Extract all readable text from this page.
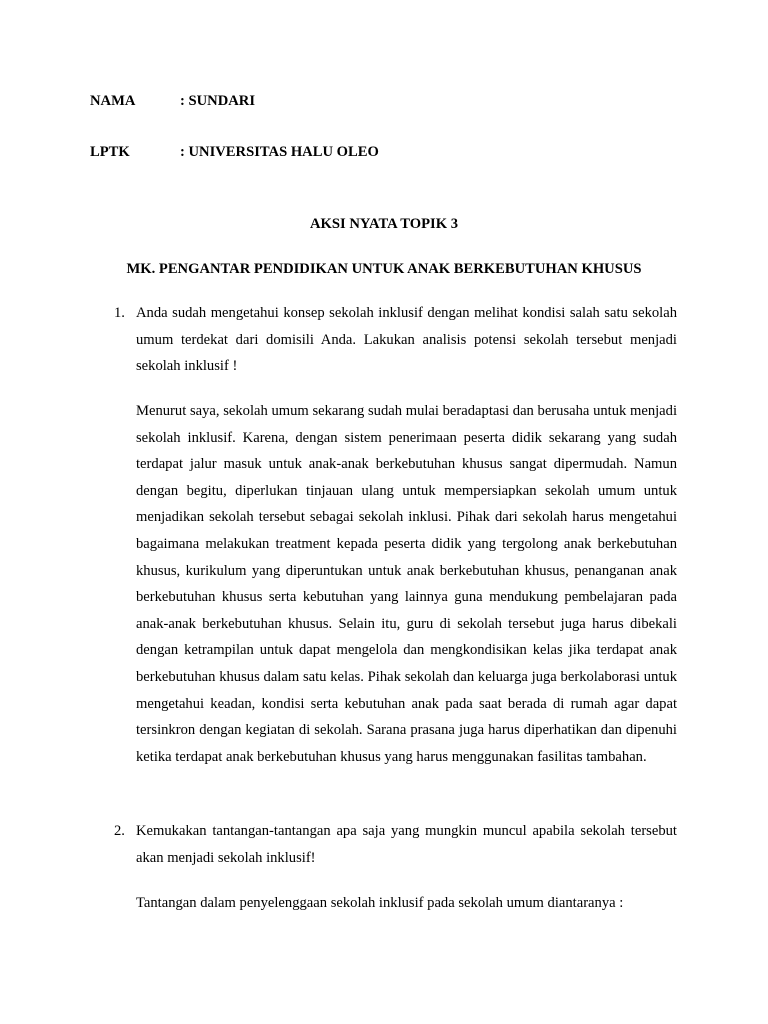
NAMA	: SUNDARI
LPTK	: UNIVERSITAS HALU OLEO
AKSI NYATA TOPIK 3
MK. PENGANTAR PENDIDIKAN UNTUK ANAK BERKEBUTUHAN KHUSUS
1. Anda sudah mengetahui konsep sekolah inklusif dengan melihat kondisi salah satu sekolah umum terdekat dari domisili Anda. Lakukan analisis potensi sekolah tersebut menjadi sekolah inklusif !

Menurut saya, sekolah umum sekarang sudah mulai beradaptasi dan berusaha untuk menjadi sekolah inklusif. Karena, dengan sistem penerimaan peserta didik sekarang yang sudah terdapat jalur masuk untuk anak-anak berkebutuhan khusus sangat dipermudah. Namun dengan begitu, diperlukan tinjauan ulang untuk mempersiapkan sekolah umum untuk menjadikan sekolah tersebut sebagai sekolah inklusi. Pihak dari sekolah harus mengetahui bagaimana melakukan treatment kepada peserta didik yang tergolong anak berkebutuhan khusus, kurikulum yang diperuntukan untuk anak berkebutuhan khusus, penanganan anak berkebutuhan khusus serta kebutuhan yang lainnya guna mendukung pembelajaran pada anak-anak berkebutuhan khusus. Selain itu, guru di sekolah tersebut juga harus dibekali dengan ketrampilan untuk dapat mengelola dan mengkondisikan kelas jika terdapat anak berkebutuhan khusus dalam satu kelas. Pihak sekolah dan keluarga juga berkolaborasi untuk mengetahui keadan, kondisi serta kebutuhan anak pada saat berada di rumah agar dapat tersinkron dengan kegiatan di sekolah. Sarana prasana juga harus diperhatikan dan dipenuhi ketika terdapat anak berkebutuhan khusus yang harus menggunakan fasilitas tambahan.

2. Kemukakan tantangan-tantangan apa saja yang mungkin muncul apabila sekolah tersebut akan menjadi sekolah inklusif!

Tantangan dalam penyelenggaan sekolah inklusif pada sekolah umum diantaranya :
